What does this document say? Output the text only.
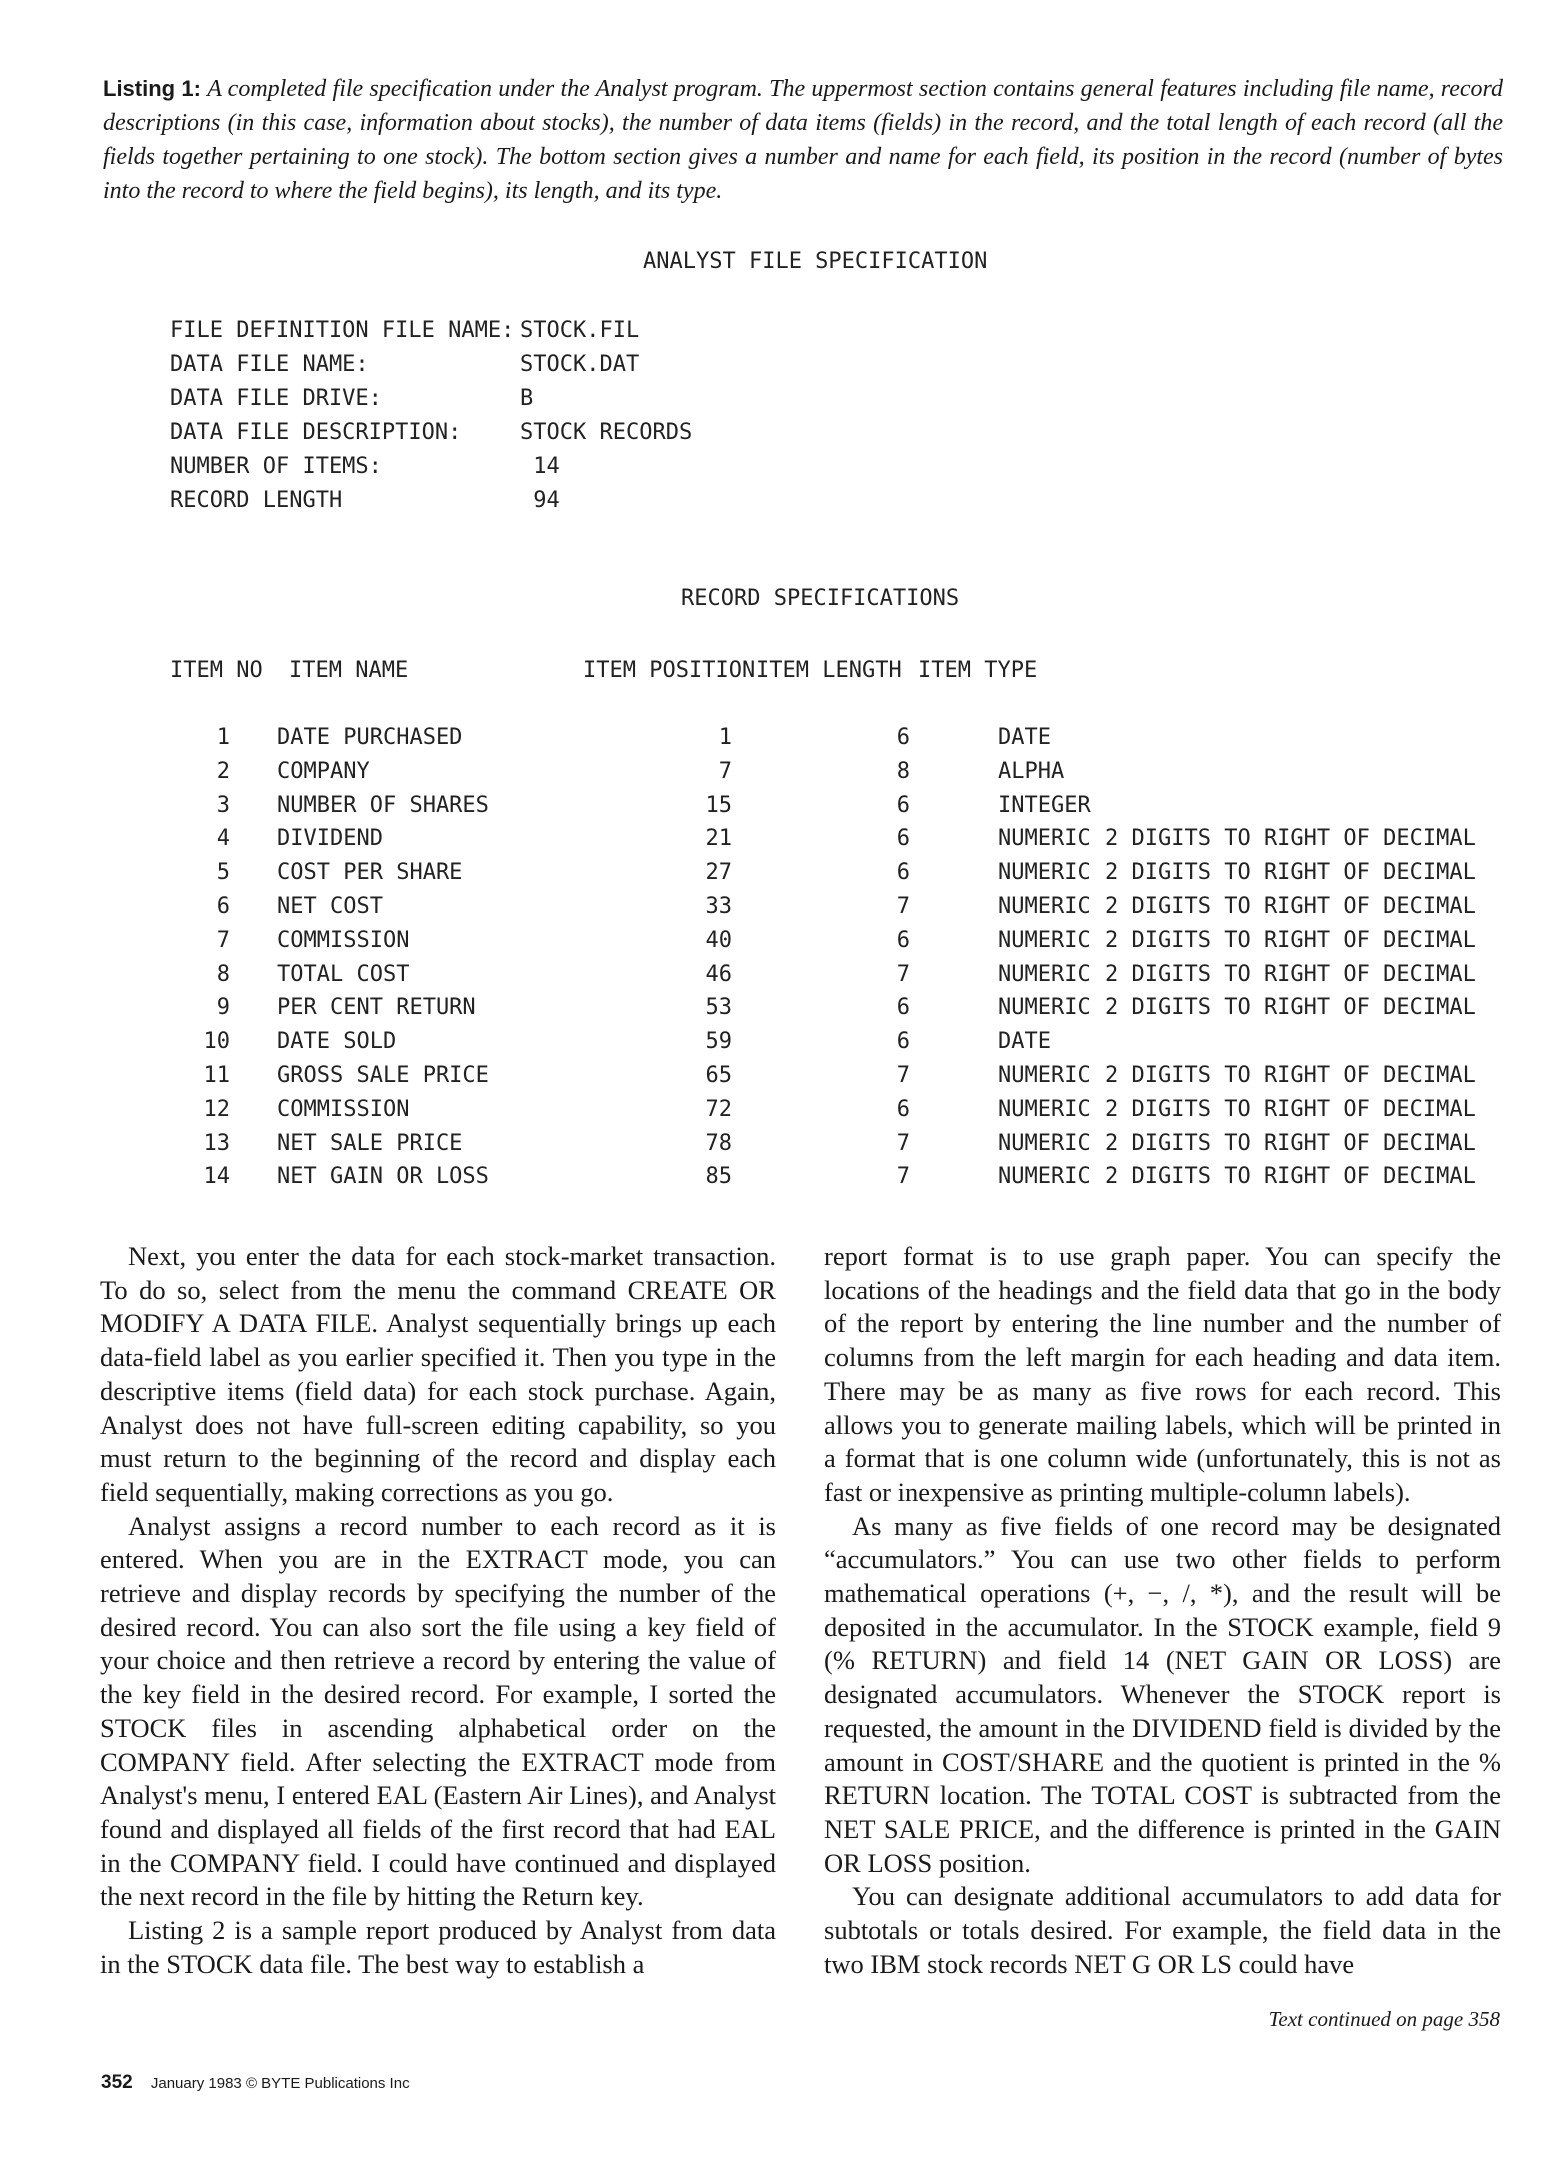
Listing 1: A completed file specification under the Analyst program. The uppermost section contains general features including file name, record descriptions (in this case, information about stocks), the number of data items (fields) in the record, and the total length of each record (all the fields together pertaining to one stock). The bottom section gives a number and name for each field, its position in the record (number of bytes into the record to where the field begins), its length, and its type.
ANALYST FILE SPECIFICATION
FILE DEFINITION FILE NAME: STOCK.FIL
DATA FILE NAME:	STOCK.DAT
DATA FILE DRIVE:	B
DATA FILE DESCRIPTION:	STOCK RECORDS
NUMBER OF ITEMS:	14
RECORD LENGTH	94
RECORD SPECIFICATIONS
ITEM NO ITEM NAME	ITEM POSITION ITEM LENGTH ITEM TYPE
1 DATE PURCHASED	1	6	DATE
2 COMPANY	7	8	ALPHA
3 NUMBER OF SHARES	15	6	INTEGER
4 DIVIDEND	21	6	NUMERIC 2 DIGITS TO RIGHT OF DECIMAL
5 COST PER SHARE	27	6	NUMERIC 2 DIGITS TO RIGHT OF DECIMAL
6 NET COST	33	7	NUMERIC 2 DIGITS TO RIGHT OF DECIMAL
7 COMMISSION	40	6	NUMERIC 2 DIGITS TO RIGHT OF DECIMAL
8 TOTAL COST	46	7	NUMERIC 2 DIGITS TO RIGHT OF DECIMAL
9 PER CENT RETURN	53	6	NUMERIC 2 DIGITS TO RIGHT OF DECIMAL
10 DATE SOLD	59	6	DATE
11 GROSS SALE PRICE	65	7	NUMERIC 2 DIGITS TO RIGHT OF DECIMAL
12 COMMISSION	72	6	NUMERIC 2 DIGITS TO RIGHT OF DECIMAL
13 NET SALE PRICE	78	7	NUMERIC 2 DIGITS TO RIGHT OF DECIMAL
14 NET GAIN OR LOSS	85	7	NUMERIC 2 DIGITS TO RIGHT OF DECIMAL

Next, you enter the data for each stock-market transaction. To do so, select from the menu the command CREATE OR MODIFY A DATA FILE. Analyst sequentially brings up each data-field label as you earlier specified it. Then you type in the descriptive items (field data) for each stock purchase. Again, Analyst does not have full-screen editing capability, so you must return to the beginning of the record and display each field sequentially, making corrections as you go.

Analyst assigns a record number to each record as it is entered. When you are in the EXTRACT mode, you can retrieve and display records by specifying the number of the desired record. You can also sort the file using a key field of your choice and then retrieve a record by entering the value of the key field in the desired record. For example, I sorted the STOCK files in ascending alphabetical order on the COMPANY field. After selecting the EXTRACT mode from Analyst's menu, I entered EAL (Eastern Air Lines), and Analyst found and displayed all fields of the first record that had EAL in the COMPANY field. I could have continued and displayed the next record in the file by hitting the Return key.

Listing 2 is a sample report produced by Analyst from data in the STOCK data file. The best way to establish a

report format is to use graph paper. You can specify the locations of the headings and the field data that go in the body of the report by entering the line number and the number of columns from the left margin for each heading and data item. There may be as many as five rows for each record. This allows you to generate mailing labels, which will be printed in a format that is one column wide (unfortunately, this is not as fast or inexpensive as printing multiple-column labels).

As many as five fields of one record may be designated “accumulators.” You can use two other fields to perform mathematical operations (+, −, /, *), and the result will be deposited in the accumulator. In the STOCK example, field 9 (% RETURN) and field 14 (NET GAIN OR LOSS) are designated accumulators. Whenever the STOCK report is requested, the amount in the DIVIDEND field is divided by the amount in COST/SHARE and the quotient is printed in the % RETURN location. The TOTAL COST is subtracted from the NET SALE PRICE, and the difference is printed in the GAIN OR LOSS position.

You can designate additional accumulators to add data for subtotals or totals desired. For example, the field data in the two IBM stock records NET G OR LS could have

Text continued on page 358
352 January 1983 © BYTE Publications Inc
